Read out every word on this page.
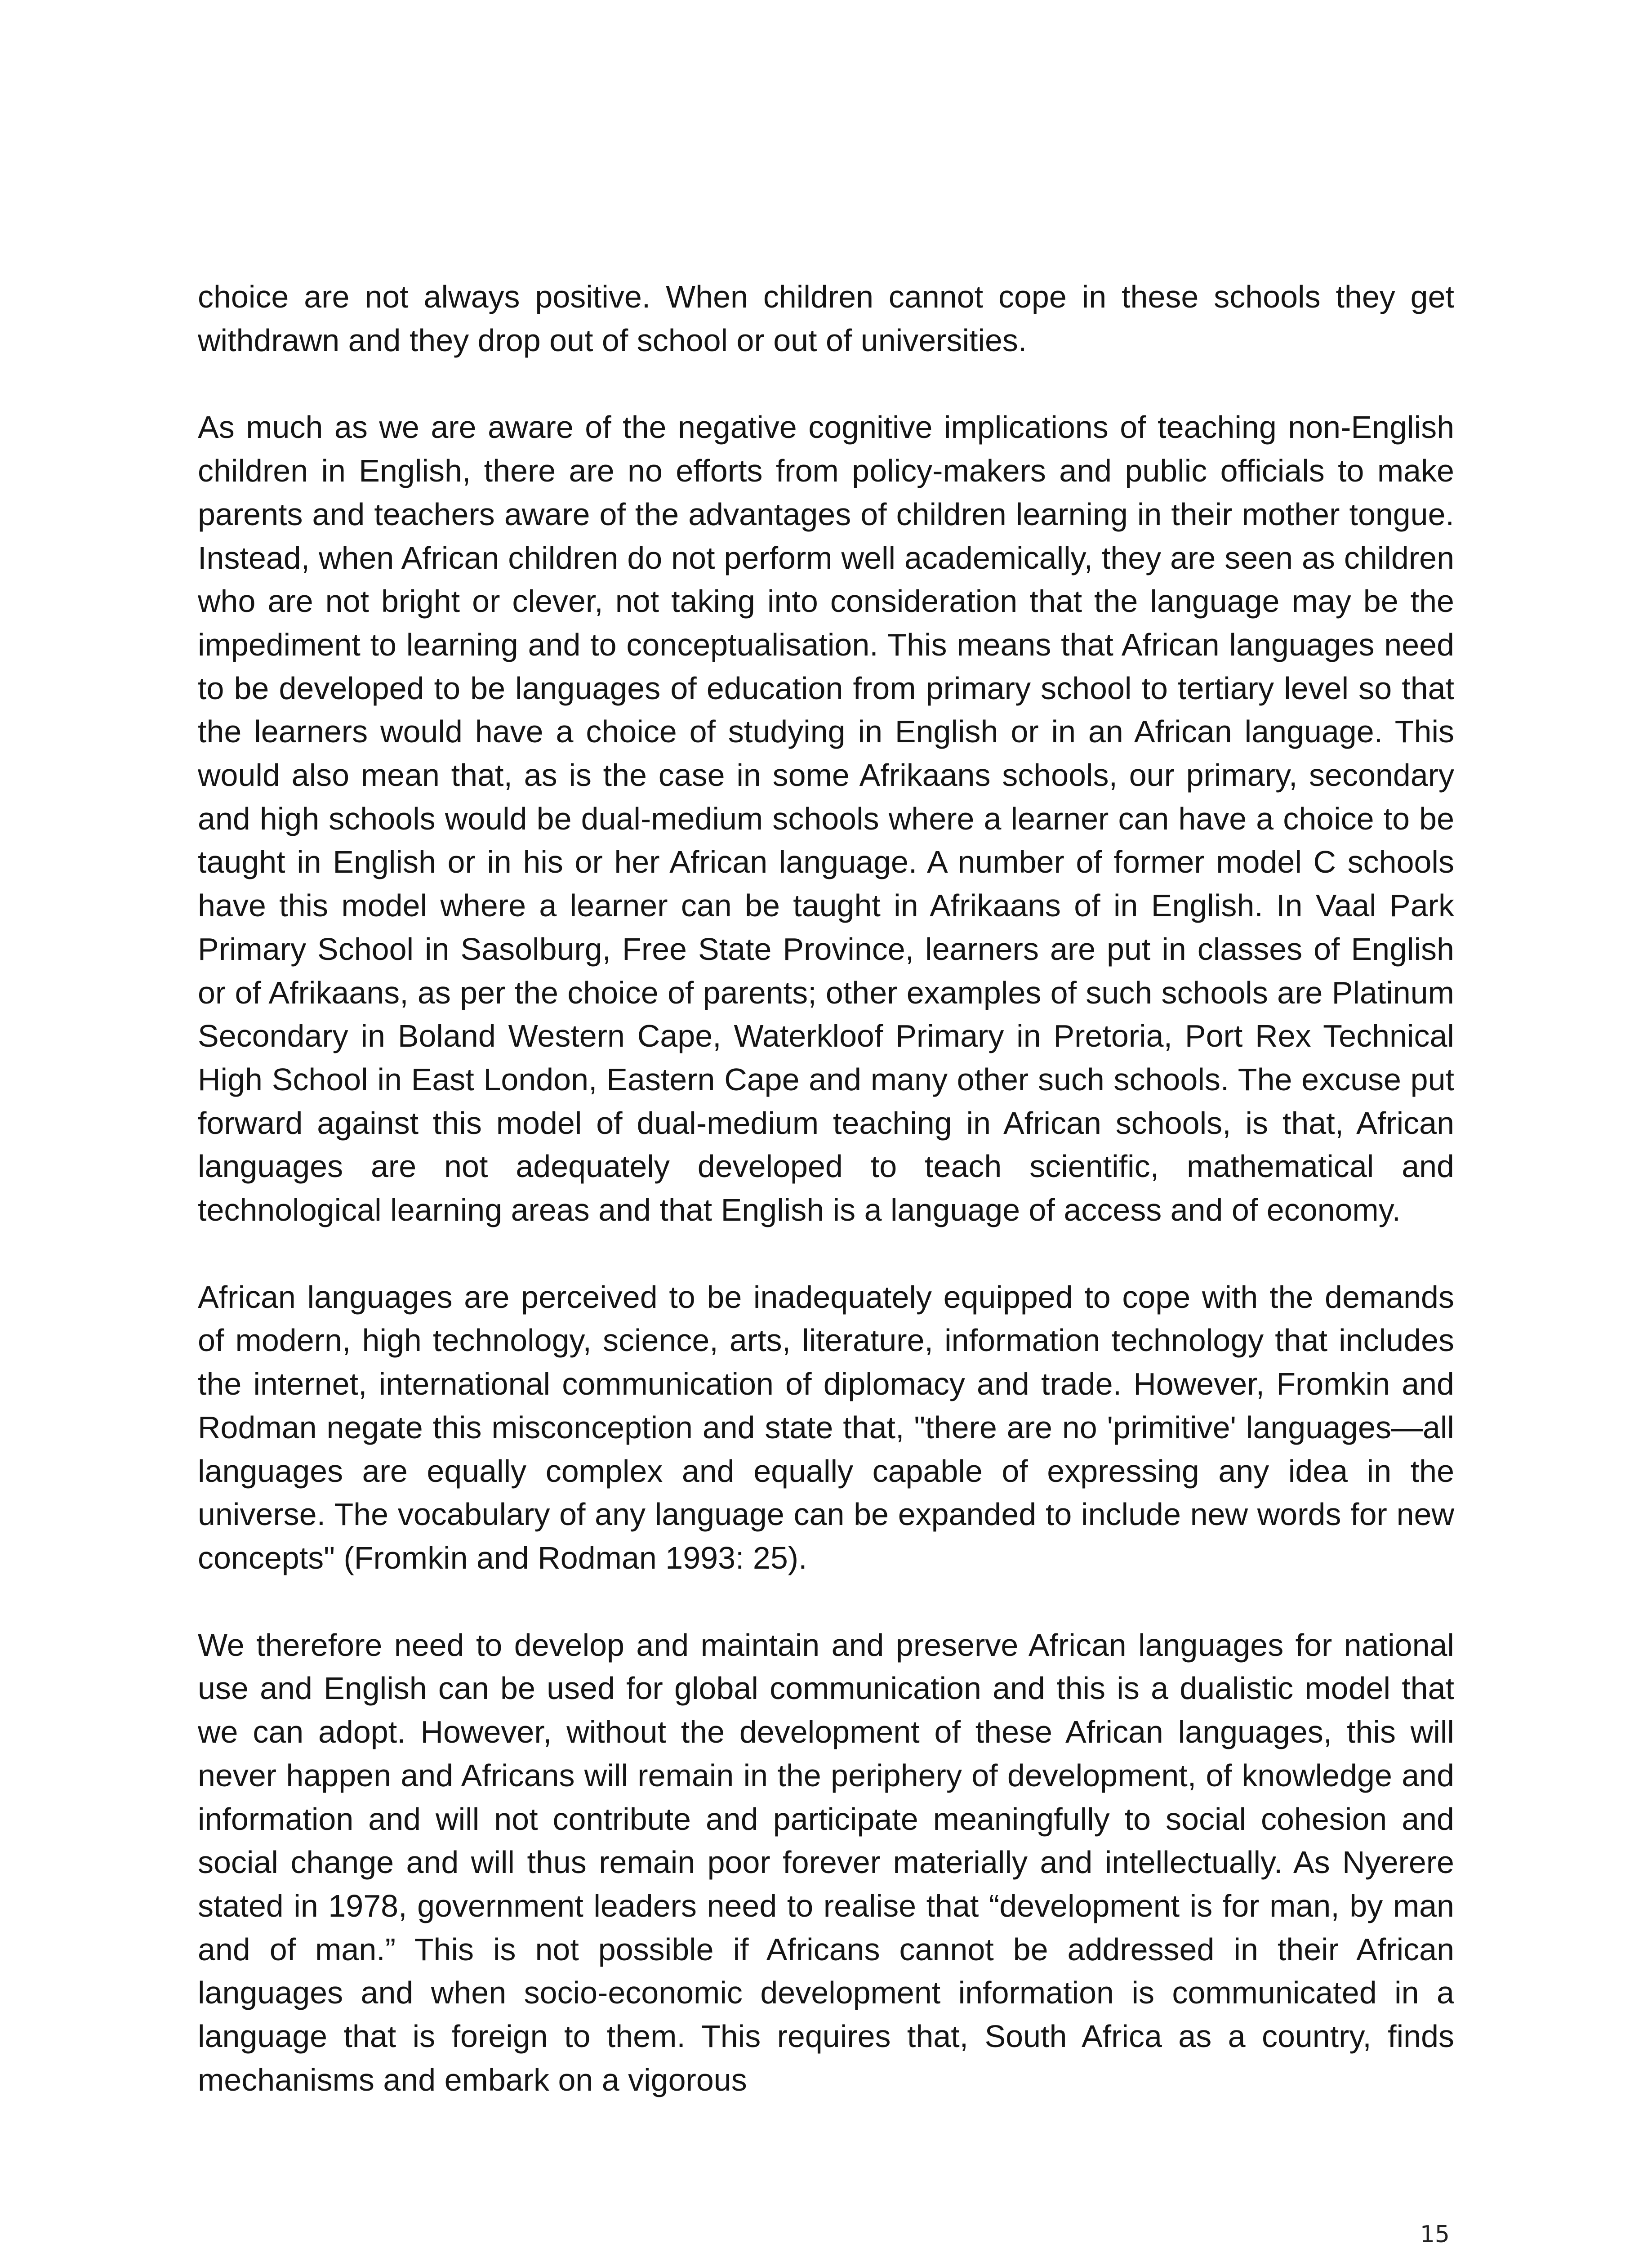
choice are not always positive. When children cannot cope in these schools they get withdrawn and they drop out of school or out of universities.

As much as we are aware of the negative cognitive implications of teaching non-English children in English, there are no efforts from policy-makers and public officials to make parents and teachers aware of the advantages of children learning in their mother tongue. Instead, when African children do not perform well academically, they are seen as children who are not bright or clever, not taking into consideration that the language may be the impediment to learning and to conceptualisation. This means that African languages need to be developed to be languages of education from primary school to tertiary level so that the learners would have a choice of studying in English or in an African language. This would also mean that, as is the case in some Afrikaans schools, our primary, secondary and high schools would be dual-medium schools where a learner can have a choice to be taught in English or in his or her African language. A number of former model C schools have this model where a learner can be taught in Afrikaans of in English. In Vaal Park Primary School in Sasolburg, Free State Province, learners are put in classes of English or of Afrikaans, as per the choice of parents; other examples of such schools are Platinum Secondary in Boland Western Cape, Waterkloof Primary in Pretoria, Port Rex Technical High School in East London, Eastern Cape and many other such schools. The excuse put forward against this model of dual-medium teaching in African schools, is that, African languages are not adequately developed to teach scientific, mathematical and technological learning areas and that English is a language of access and of economy.

African languages are perceived to be inadequately equipped to cope with the demands of modern, high technology, science, arts, literature, information technology that includes the internet, international communication of diplomacy and trade. However, Fromkin and Rodman negate this misconception and state that, "there are no 'primitive' languages—all languages are equally complex and equally capable of expressing any idea in the universe. The vocabulary of any language can be expanded to include new words for new concepts" (Fromkin and Rodman 1993: 25).

We therefore need to develop and maintain and preserve African languages for national use and English can be used for global communication and this is a dualistic model that we can adopt. However, without the development of these African languages, this will never happen and Africans will remain in the periphery of development, of knowledge and information and will not contribute and participate meaningfully to social cohesion and social change and will thus remain poor forever materially and intellectually. As Nyerere stated in 1978, government leaders need to realise that “development is for man, by man and of man.” This is not possible if Africans cannot be addressed in their African languages and when socio-economic development information is communicated in a language that is foreign to them. This requires that, South Africa as a country, finds mechanisms and embark on a vigorous

15
